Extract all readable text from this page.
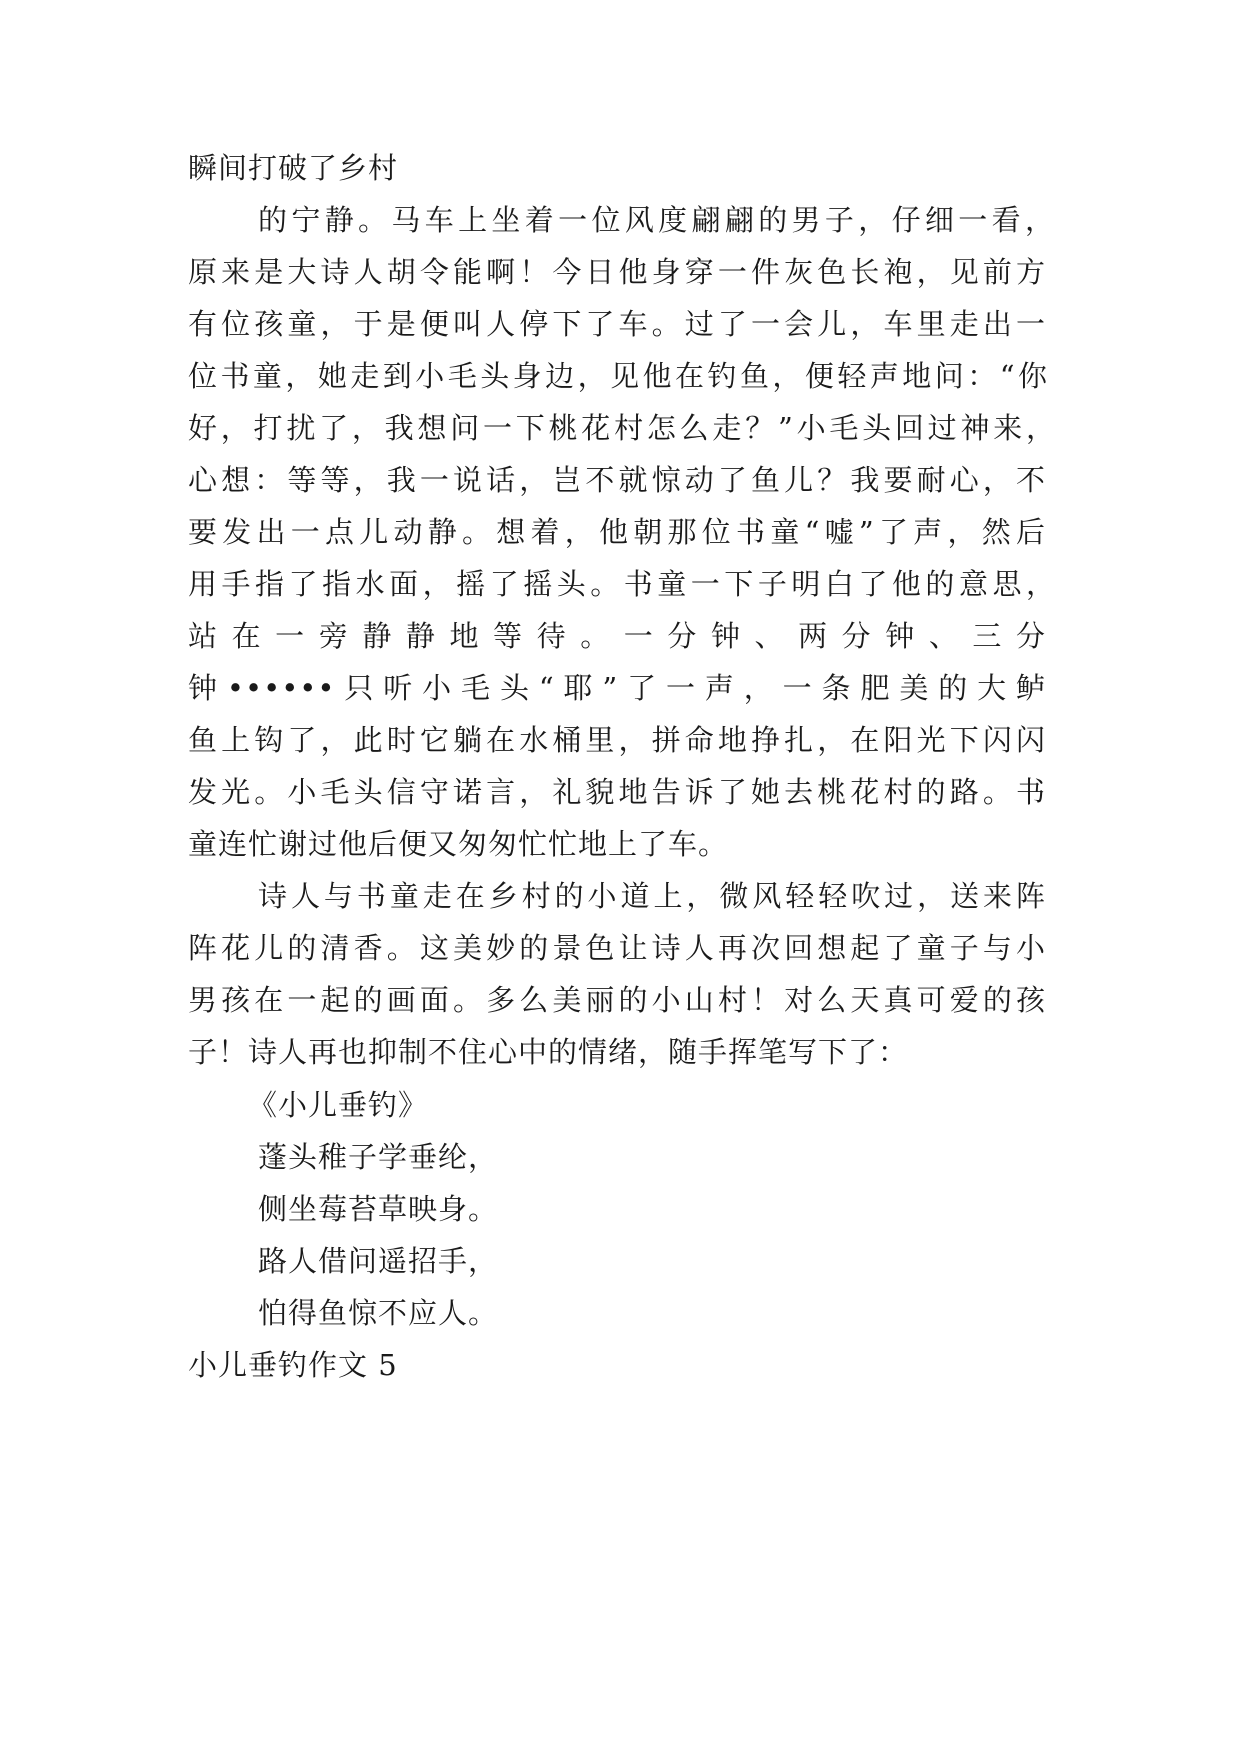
瞬间打破了乡村
的宁静。马车上坐着一位风度翩翩的男子，仔细一看，
原来是大诗人胡令能啊！今日他身穿一件灰色长袍，见前方
有位孩童，于是便叫人停下了车。过了一会儿，车里走出一
位书童，她走到小毛头身边，见他在钓鱼，便轻声地问：“你
好，打扰了，我想问一下桃花村怎么走？”小毛头回过神来，
心想：等等，我一说话，岂不就惊动了鱼儿？我要耐心，不
要发出一点儿动静。想着，他朝那位书童“嘘”了声，然后
用手指了指水面，摇了摇头。书童一下子明白了他的意思，
站在一旁静静地等待。一分钟、两分钟、三分
钟••••••只听小毛头“耶”了一声，一条肥美的大鲈
鱼上钩了，此时它躺在水桶里，拼命地挣扎，在阳光下闪闪
发光。小毛头信守诺言，礼貌地告诉了她去桃花村的路。书
童连忙谢过他后便又匆匆忙忙地上了车。
诗人与书童走在乡村的小道上，微风轻轻吹过，送来阵
阵花儿的清香。这美妙的景色让诗人再次回想起了童子与小
男孩在一起的画面。多么美丽的小山村！对么天真可爱的孩
子！诗人再也抑制不住心中的情绪，随手挥笔写下了：
《小儿垂钓》
蓬头稚子学垂纶，
侧坐莓苔草映身。
路人借问遥招手，
怕得鱼惊不应人。
小儿垂钓作文 5
